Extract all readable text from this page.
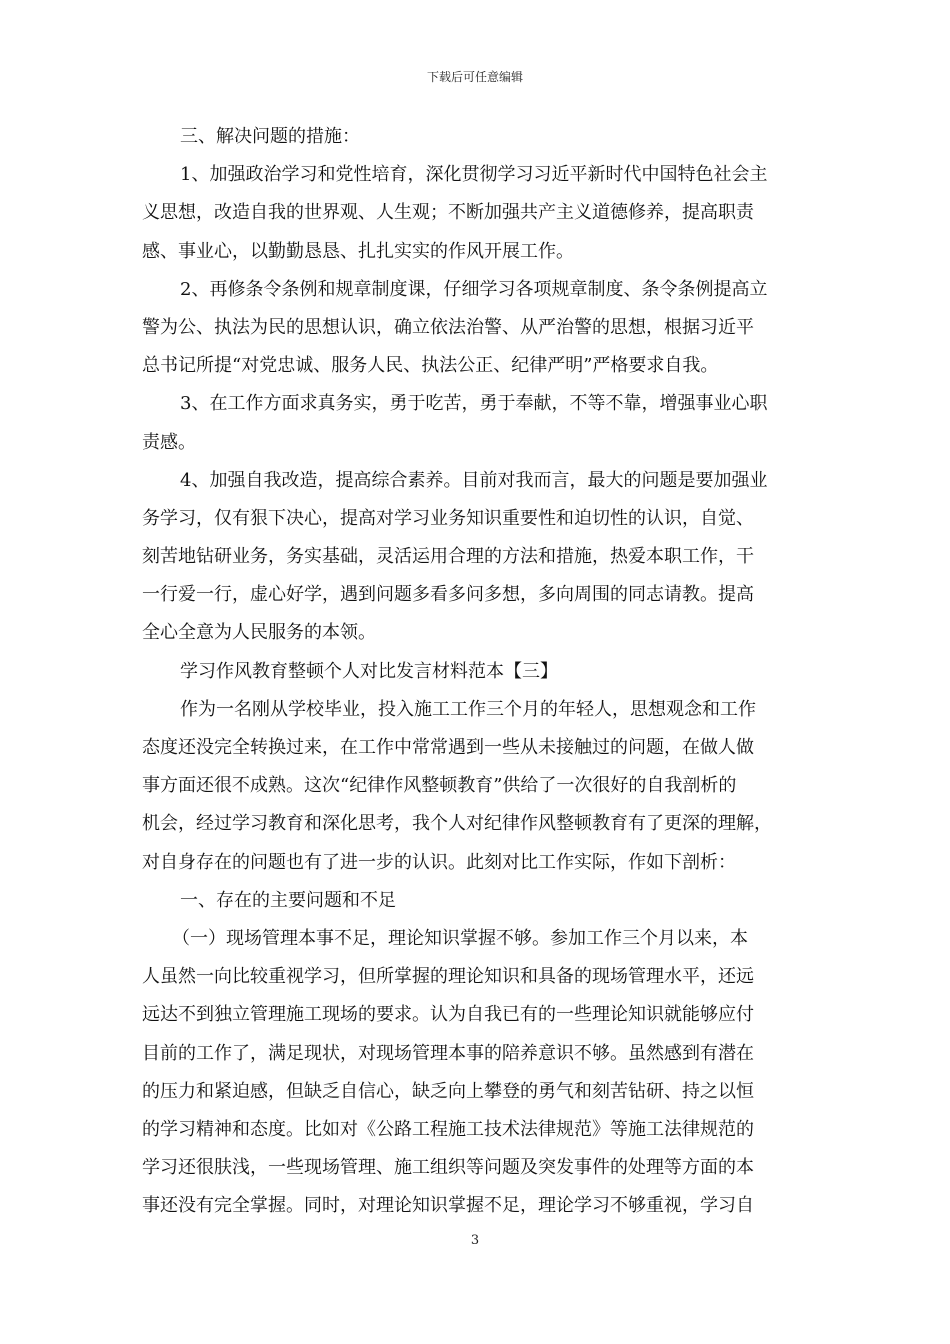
下载后可任意编辑
三、解决问题的措施：
1、加强政治学习和党性培育，深化贯彻学习习近平新时代中国特色社会主
义思想，改造自我的世界观、人生观；不断加强共产主义道德修养，提高职责
感、事业心，以勤勤恳恳、扎扎实实的作风开展工作。
2、再修条令条例和规章制度课，仔细学习各项规章制度、条令条例提高立
警为公、执法为民的思想认识，确立依法治警、从严治警的思想，根据习近平
总书记所提“对党忠诚、服务人民、执法公正、纪律严明”严格要求自我。
3、在工作方面求真务实，勇于吃苦，勇于奉献，不等不靠，增强事业心职
责感。
4、加强自我改造，提高综合素养。目前对我而言，最大的问题是要加强业
务学习，仅有狠下决心，提高对学习业务知识重要性和迫切性的认识，自觉、
刻苦地钻研业务，务实基础，灵活运用合理的方法和措施，热爱本职工作，干
一行爱一行，虚心好学，遇到问题多看多问多想，多向周围的同志请教。提高
全心全意为人民服务的本领。
学习作风教育整顿个人对比发言材料范本【三】
作为一名刚从学校毕业，投入施工工作三个月的年轻人，思想观念和工作
态度还没完全转换过来，在工作中常常遇到一些从未接触过的问题，在做人做
事方面还很不成熟。这次“纪律作风整顿教育”供给了一次很好的自我剖析的
机会，经过学习教育和深化思考，我个人对纪律作风整顿教育有了更深的理解，
对自身存在的问题也有了进一步的认识。此刻对比工作实际，作如下剖析：
一、存在的主要问题和不足
（一）现场管理本事不足，理论知识掌握不够。参加工作三个月以来，本
人虽然一向比较重视学习，但所掌握的理论知识和具备的现场管理水平，还远
远达不到独立管理施工现场的要求。认为自我已有的一些理论知识就能够应付
目前的工作了，满足现状，对现场管理本事的陪养意识不够。虽然感到有潜在
的压力和紧迫感，但缺乏自信心，缺乏向上攀登的勇气和刻苦钻研、持之以恒
的学习精神和态度。比如对《公路工程施工技术法律规范》等施工法律规范的
学习还很肤浅，一些现场管理、施工组织等问题及突发事件的处理等方面的本
事还没有完全掌握。同时，对理论知识掌握不足，理论学习不够重视，学习自
3
